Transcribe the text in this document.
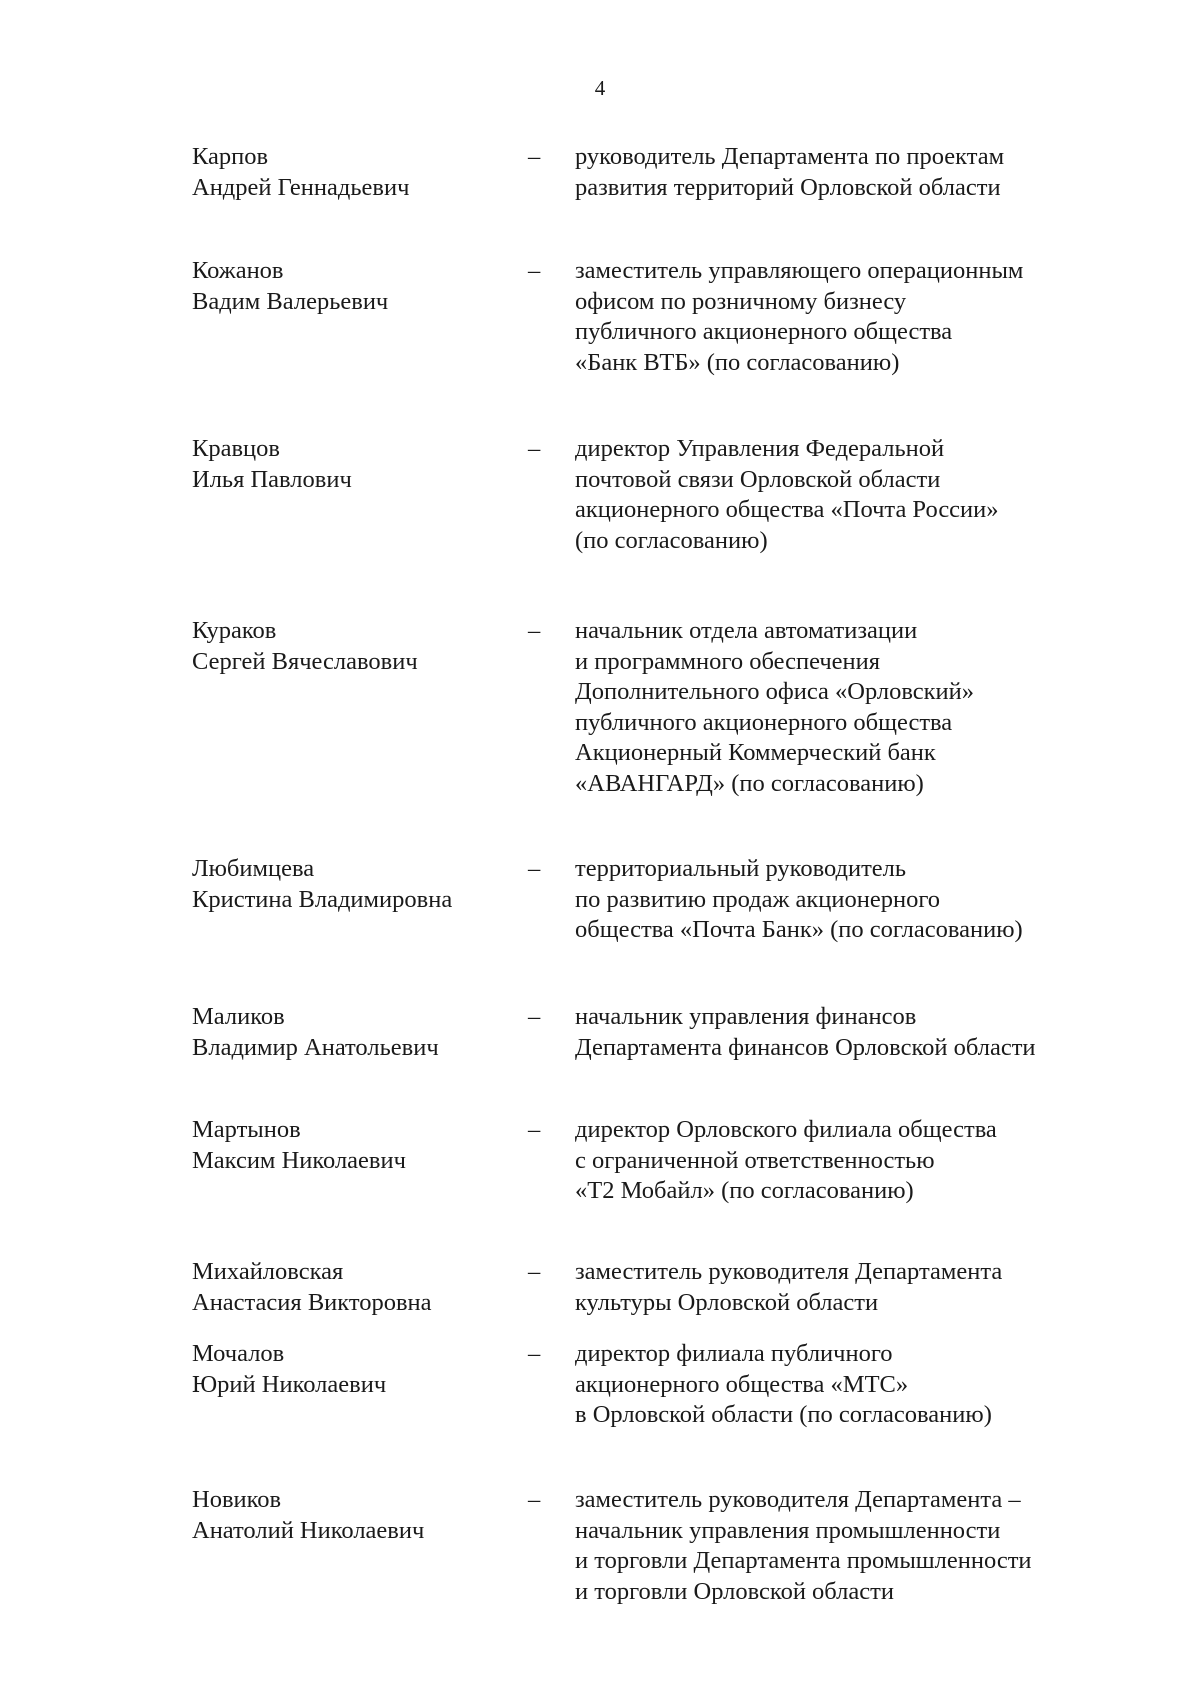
4
Карпов
Андрей Геннадьевич
– руководитель Департамента по проектам
развития территорий Орловской области
Кожанов
Вадим Валерьевич
– заместитель управляющего операционным
офисом по розничному бизнесу
публичного акционерного общества
«Банк ВТБ» (по согласованию)
Кравцов
Илья Павлович
– директор Управления Федеральной
почтовой связи Орловской области
акционерного общества «Почта России»
(по согласованию)
Кураков
Сергей Вячеславович
– начальник отдела автоматизации
и программного обеспечения
Дополнительного офиса «Орловский»
публичного акционерного общества
Акционерный Коммерческий банк
«АВАНГАРД» (по согласованию)
Любимцева
Кристина Владимировна
– территориальный руководитель
по развитию продаж акционерного
общества «Почта Банк» (по согласованию)
Маликов
Владимир Анатольевич
– начальник управления финансов
Департамента финансов Орловской области
Мартынов
Максим Николаевич
– директор Орловского филиала общества
с ограниченной ответственностью
«Т2 Мобайл» (по согласованию)
Михайловская
Анастасия Викторовна
– заместитель руководителя Департамента
культуры Орловской области
Мочалов
Юрий Николаевич
– директор филиала публичного
акционерного общества «МТС»
в Орловской области (по согласованию)
Новиков
Анатолий Николаевич
– заместитель руководителя Департамента –
начальник управления промышленности
и торговли Департамента промышленности
и торговли Орловской области
